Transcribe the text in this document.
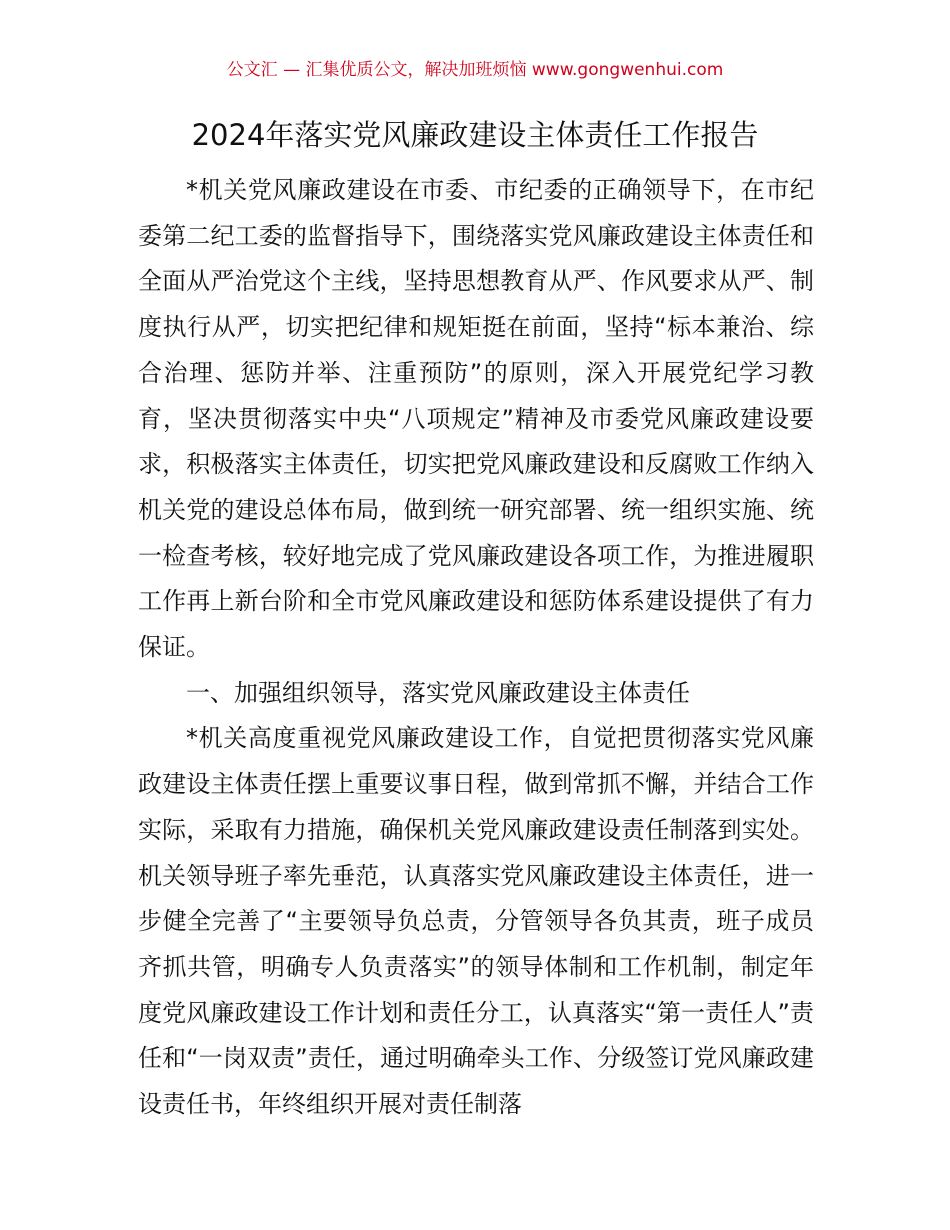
公文汇 — 汇集优质公文，解决加班烦恼 www.gongwenhui.com
2024年落实党风廉政建设主体责任工作报告

*机关党风廉政建设在市委、市纪委的正确领导下，在市纪委第二纪工委的监督指导下，围绕落实党风廉政建设主体责任和全面从严治党这个主线，坚持思想教育从严、作风要求从严、制度执行从严，切实把纪律和规矩挺在前面，坚持“标本兼治、综合治理、惩防并举、注重预防”的原则，深入开展党纪学习教育，坚决贯彻落实中央“八项规定”精神及市委党风廉政建设要求，积极落实主体责任，切实把党风廉政建设和反腐败工作纳入机关党的建设总体布局，做到统一研究部署、统一组织实施、统一检查考核，较好地完成了党风廉政建设各项工作，为推进履职工作再上新台阶和全市党风廉政建设和惩防体系建设提供了有力保证。

一、加强组织领导，落实党风廉政建设主体责任

*机关高度重视党风廉政建设工作，自觉把贯彻落实党风廉政建设主体责任摆上重要议事日程，做到常抓不懈，并结合工作实际，采取有力措施，确保机关党风廉政建设责任制落到实处。机关领导班子率先垂范，认真落实党风廉政建设主体责任，进一步健全完善了“主要领导负总责，分管领导各负其责，班子成员齐抓共管，明确专人负责落实”的领导体制和工作机制，制定年度党风廉政建设工作计划和责任分工，认真落实“第一责任人”责任和“一岗双责”责任，通过明确牵头工作、分级签订党风廉政建设责任书，年终组织开展对责任制落
